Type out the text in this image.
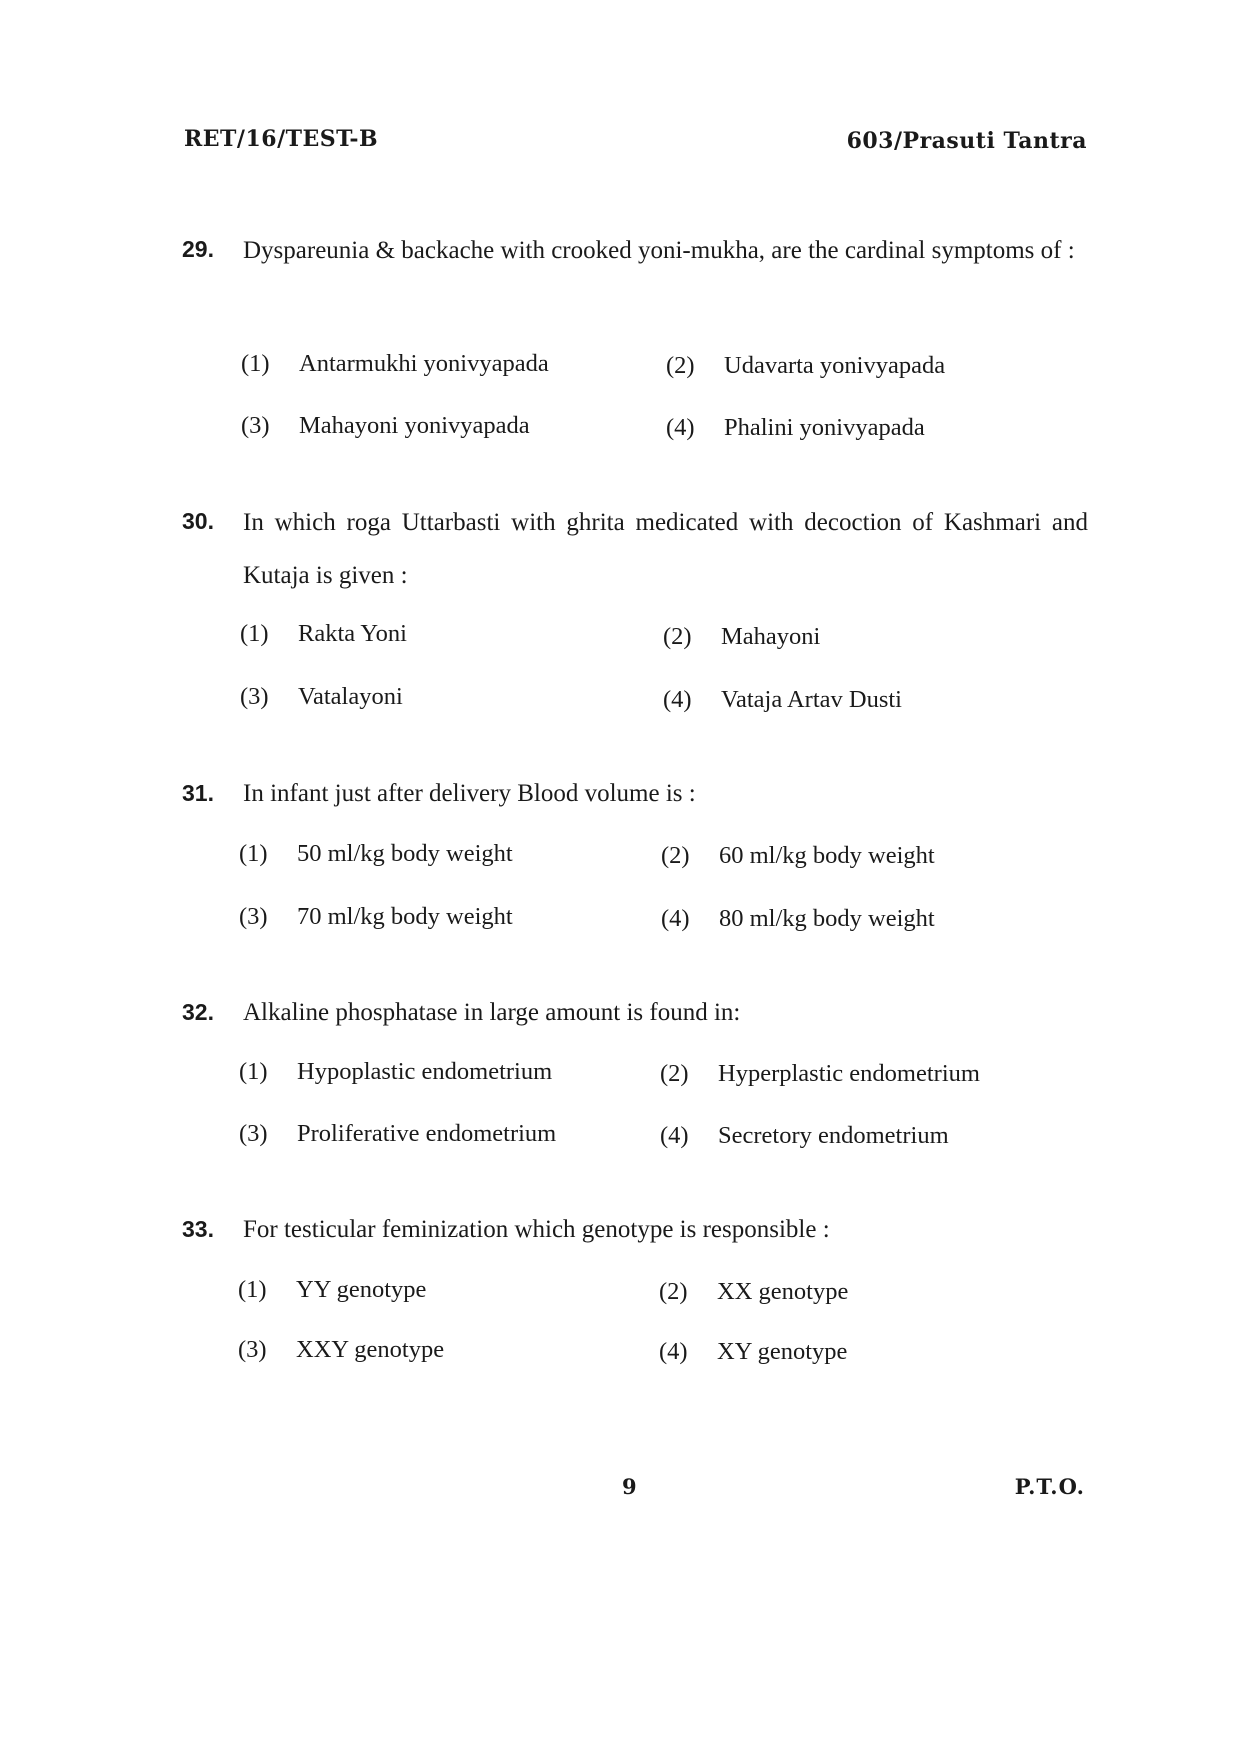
RET/16/TEST-B	603/Prasuti Tantra
29. Dyspareunia & backache with crooked yoni-mukha, are the cardinal symptoms of :
(1) Antarmukhi yonivyapada	(2) Udavarta yonivyapada
(3) Mahayoni yonivyapada	(4) Phalini yonivyapada
30. In which roga Uttarbasti with ghrita medicated with decoction of Kashmari and Kutaja is given :
(1) Rakta Yoni	(2) Mahayoni
(3) Vatalayoni	(4) Vataja Artav Dusti
31. In infant just after delivery Blood volume is :
(1) 50 ml/kg body weight	(2) 60 ml/kg body weight
(3) 70 ml/kg body weight	(4) 80 ml/kg body weight
32. Alkaline phosphatase in large amount is found in:
(1) Hypoplastic endometrium	(2) Hyperplastic endometrium
(3) Proliferative endometrium	(4) Secretory endometrium
33. For testicular feminization which genotype is responsible :
(1) YY genotype	(2) XX genotype
(3) XXY genotype	(4) XY genotype
9	P.T.O.
